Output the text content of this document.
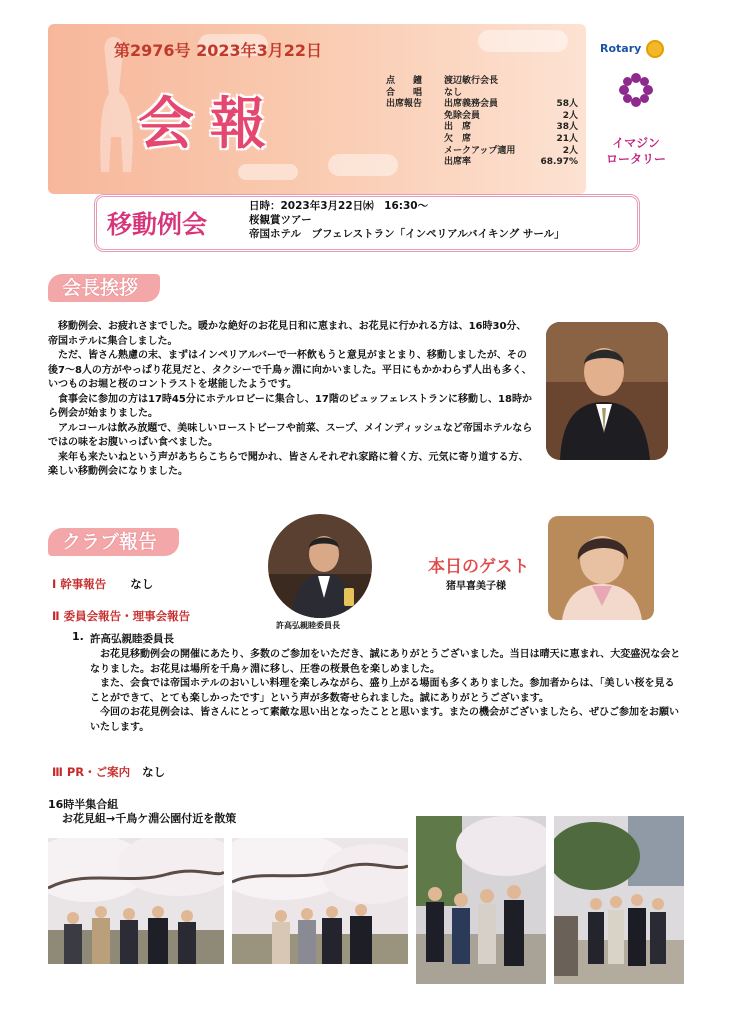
第2976号 2023年3月22日
会報
点　　鐘	渡辺敏行会長
合　　唱	なし
出席報告	出席義務会員	58人
免除会員	2人
出　席	38人
欠　席	21人
メークアップ適用	2人
出席率	68.97%
Rotary
イマジン
ロータリー
移動例会
日時：2023年3月22日㈬　16:30～
桜観賞ツアー
帝国ホテル　ブフェレストラン「インペリアルバイキング サール」
会長挨拶

移動例会、お疲れさまでした。暖かな絶好のお花見日和に恵まれ、お花見に行かれる方は、16時30分、帝国ホテルに集合しました。

ただ、皆さん熟慮の末、まずはインペリアルバーで一杯飲もうと意見がまとまり、移動しましたが、その後7～8人の方がやっぱり花見だと、タクシーで千鳥ヶ淵に向かいました。平日にもかかわらず人出も多く、いつものお堀と桜のコントラストを堪能したようです。

食事会に参加の方は17時45分にホテルロビーに集合し、17階のビュッフェレストランに移動し、18時から例会が始まりました。

アルコールは飲み放題で、美味しいローストビーフや前菜、スープ、メインディッシュなど帝国ホテルならではの味をお腹いっぱい食べました。

来年も来たいねという声があちらこちらで聞かれ、皆さんそれぞれ家路に着く方、元気に寄り道する方、楽しい移動例会になりました。

クラブ報告
許高弘親睦委員長
本日のゲスト
猪早喜美子様
Ⅰ 幹事報告 なし
Ⅱ 委員会報告・理事会報告
1. 許高弘親睦委員長

お花見移動例会の開催にあたり、多数のご参加をいただき、誠にありがとうございました。当日は晴天に恵まれ、大変盛況な会となりました。お花見は場所を千鳥ヶ淵に移し、圧巻の桜景色を楽しめました。

また、会食では帝国ホテルのおいしい料理を楽しみながら、盛り上がる場面も多くありました。参加者からは、「美しい桜を見ることができて、とても楽しかったです」という声が多数寄せられました。誠にありがとうございます。

今回のお花見例会は、皆さんにとって素敵な思い出となったことと思います。またの機会がございましたら、ぜひご参加をお願いいたします。

Ⅲ PR・ご案内 なし
16時半集合組
お花見組→千鳥ケ淵公園付近を散策
